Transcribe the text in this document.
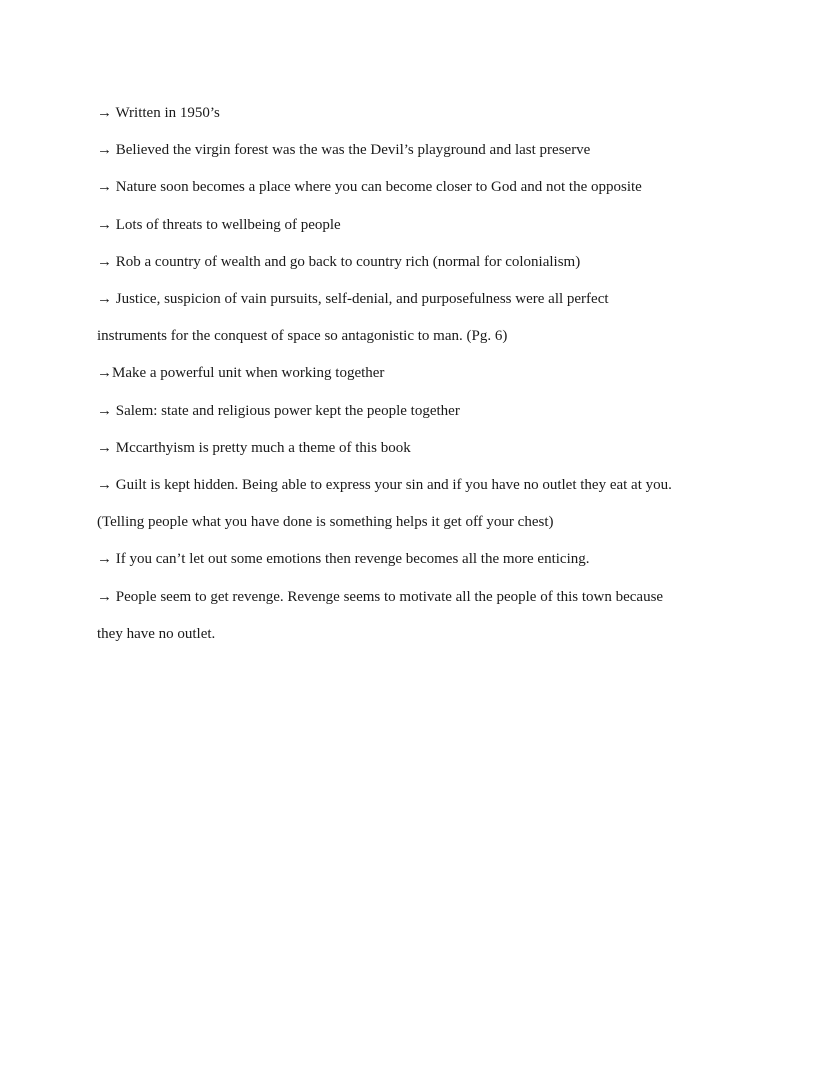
→ Written in 1950’s

→ Believed the virgin forest was the was the Devil’s playground and last preserve

→ Nature soon becomes a place where you can become closer to God and not the opposite

→ Lots of threats to wellbeing of people

→ Rob a country of wealth and go back to country rich (normal for colonialism)

→ Justice, suspicion of vain pursuits, self-denial, and purposefulness were all perfect

instruments for the conquest of space so antagonistic to man. (Pg. 6)

→Make a powerful unit when working together

→ Salem: state and religious power kept the people together

→ Mccarthyism is pretty much a theme of this book

→ Guilt is kept hidden. Being able to express your sin and if you have no outlet they eat at you.

(Telling people what you have done is something helps it get off your chest)

→ If you can’t let out some emotions then revenge becomes all the more enticing.

→ People seem to get revenge. Revenge seems to motivate all the people of this town because

they have no outlet.
